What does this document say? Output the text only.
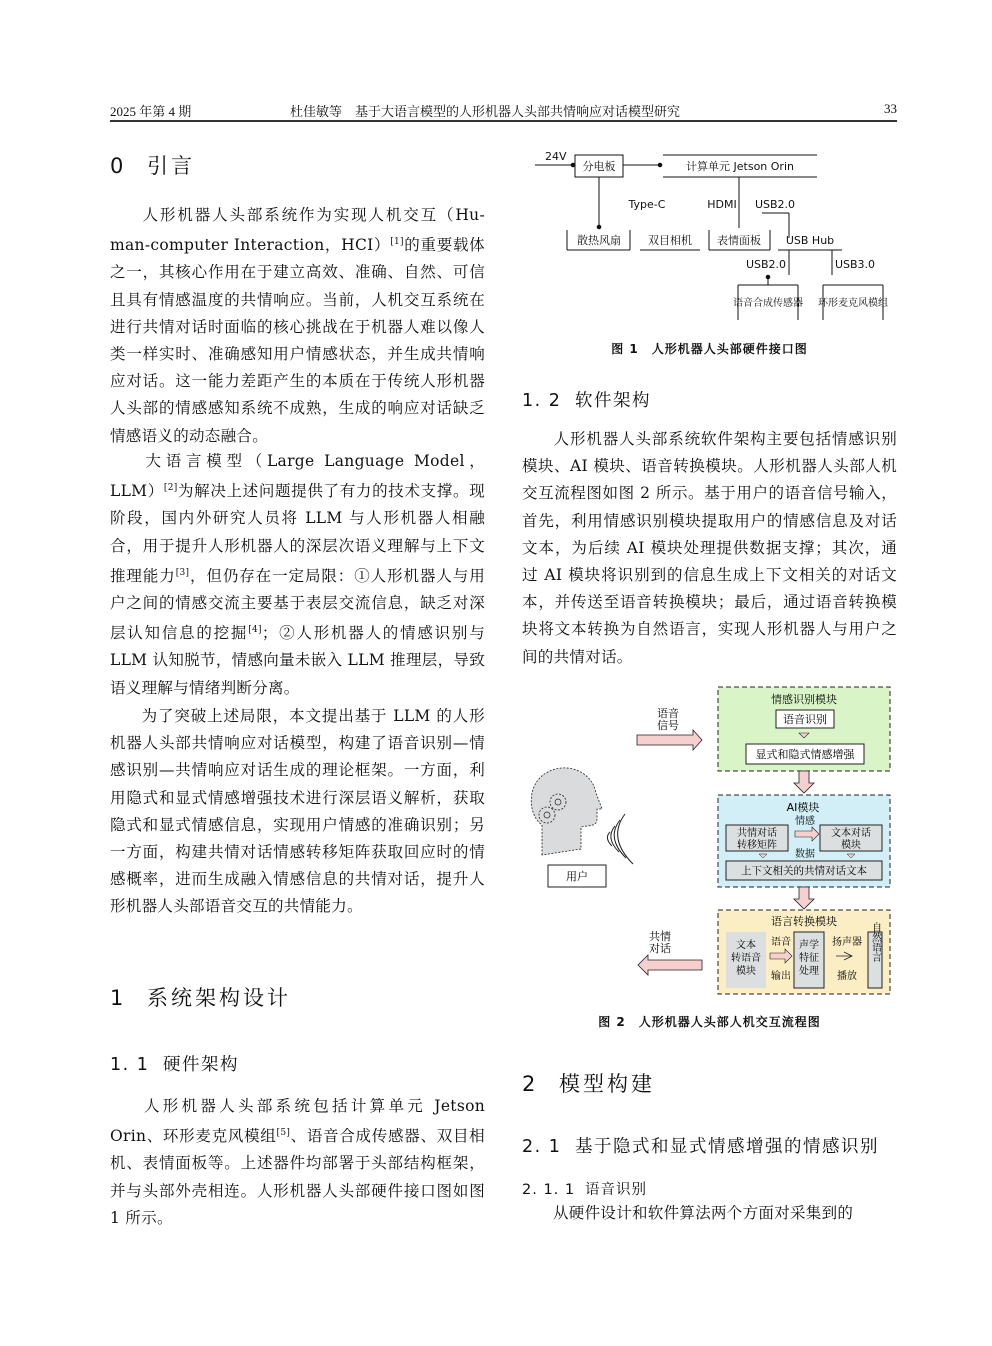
2025 年第 4 期	杜佳敏等　基于大语言模型的人形机器人头部共情响应对话模型研究	33
0 引言
人形机器人头部系统作为实现人机交互（Hu-man-computer Interaction，HCI）[1]的重要载体之一，其核心作用在于建立高效、准确、自然、可信且具有情感温度的共情响应。当前，人机交互系统在进行共情对话时面临的核心挑战在于机器人难以像人类一样实时、准确感知用户情感状态，并生成共情响应对话。这一能力差距产生的本质在于传统人形机器人头部的情感感知系统不成熟，生成的响应对话缺乏情感语义的动态融合。
大语言模型（Large Language Model，LLM）[2]为解决上述问题提供了有力的技术支撑。现阶段，国内外研究人员将 LLM 与人形机器人相融合，用于提升人形机器人的深层次语义理解与上下文推理能力[3]，但仍存在一定局限：①人形机器人与用户之间的情感交流主要基于表层交流信息，缺乏对深层认知信息的挖掘[4]；②人形机器人的情感识别与 LLM 认知脱节，情感向量未嵌入 LLM 推理层，导致语义理解与情绪判断分离。
为了突破上述局限，本文提出基于 LLM 的人形机器人头部共情响应对话模型，构建了语音识别—情感识别—共情响应对话生成的理论框架。一方面，利用隐式和显式情感增强技术进行深层语义解析，获取隐式和显式情感信息，实现用户情感的准确识别；另一方面，构建共情对话情感转移矩阵获取回应时的情感概率，进而生成融入情感信息的共情对话，提升人形机器人头部语音交互的共情能力。
1 系统架构设计
1. 1 硬件架构
人形机器人头部系统包括计算单元 Jetson Orin、环形麦克风模组[5]、语音合成传感器、双目相机、表情面板等。上述器件均部署于头部结构框架，并与头部外壳相连。人形机器人头部硬件接口图如图 1 所示。
24V
分电板	计算单元 Jetson Orin
Type-C	HDMI USB2.0
散热风扇 双目相机 表情面板 USB Hub
USB2.0	USB3.0
语音合成传感器 环形麦克风模组
图 1　人形机器人头部硬件接口图
1. 2 软件架构
人形机器人头部系统软件架构主要包括情感识别模块、AI 模块、语音转换模块。人形机器人头部人机交互流程图如图 2 所示。基于用户的语音信号输入，首先，利用情感识别模块提取用户的情感信息及对话文本，为后续 AI 模块处理提供数据支撑；其次，通过 AI 模块将识别到的信息生成上下文相关的对话文本，并传送至语音转换模块；最后，通过语音转换模块将文本转换为自然语言，实现人形机器人与用户之间的共情对话。
情感识别模块
语音识别
显式和隐式情感增强
语音信号
AI模块
情感
数据
共情对话
转移矩阵
文本对话
模块
上下文相关的共情对话文本
语言转换模块
文本转语音模块
语音
输出
声学特征处理
扬声器
播放
自然语言
共情对话
用户
图 2　人形机器人头部人机交互流程图
2 模型构建
2. 1 基于隐式和显式情感增强的情感识别
2. 1. 1 语音识别
从硬件设计和软件算法两个方面对采集到的
